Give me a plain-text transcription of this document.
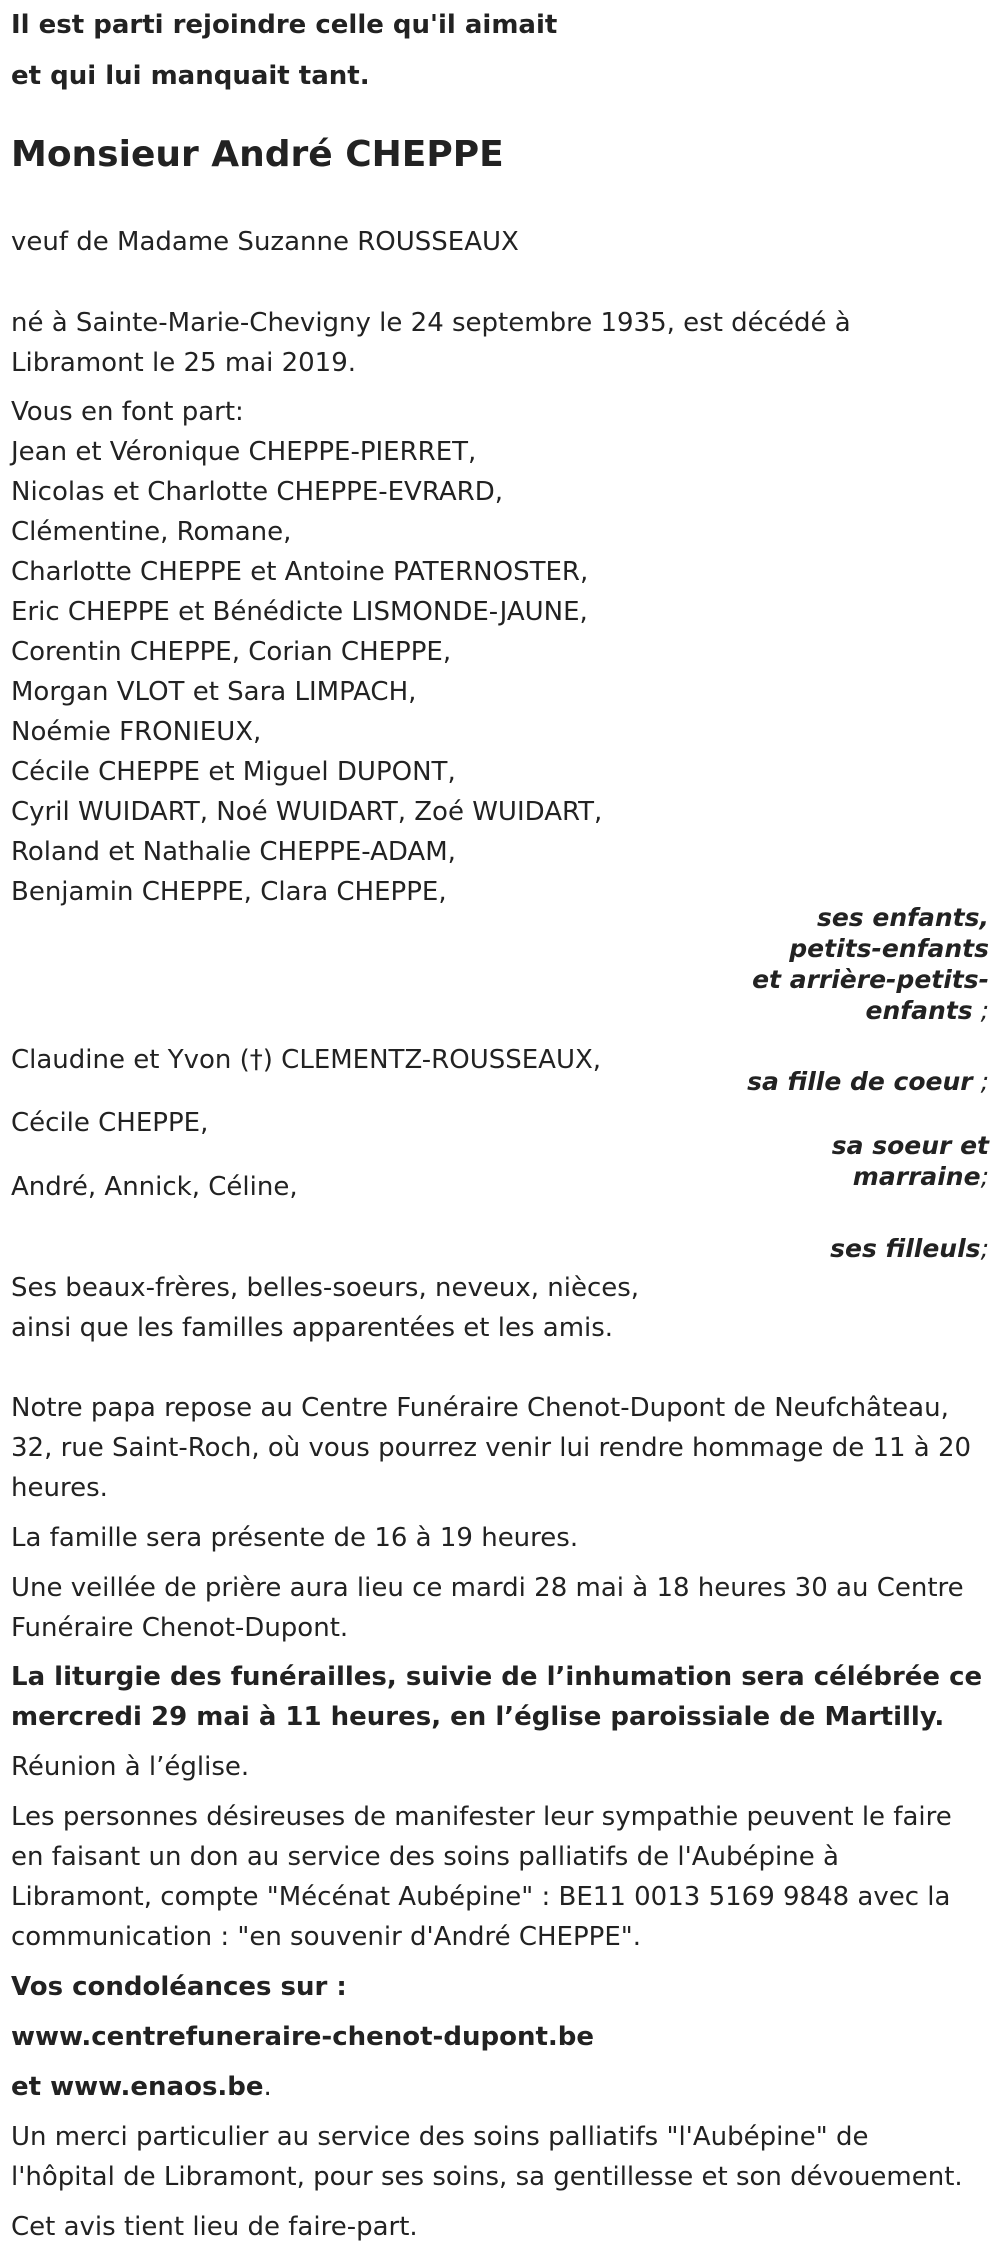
Il est parti rejoindre celle qu'il aimait

et qui lui manquait tant.

Monsieur André CHEPPE

veuf de Madame Suzanne ROUSSEAUX

né à Sainte-Marie-Chevigny le 24 septembre 1935, est décédé à

Libramont le 25 mai 2019.

Vous en font part:

Jean et Véronique CHEPPE-PIERRET,

Nicolas et Charlotte CHEPPE-EVRARD,

Clémentine, Romane,

Charlotte CHEPPE et Antoine PATERNOSTER,

Eric CHEPPE et Bénédicte LISMONDE-JAUNE,

Corentin CHEPPE, Corian CHEPPE,

Morgan VLOT et Sara LIMPACH,

Noémie FRONIEUX,

Cécile CHEPPE et Miguel DUPONT,

Cyril WUIDART, Noé WUIDART, Zoé WUIDART,

Roland et Nathalie CHEPPE-ADAM,

Benjamin CHEPPE, Clara CHEPPE,

ses enfants, petits-enfants
et arrière-petits-enfants ;

Claudine et Yvon (†) CLEMENTZ-ROUSSEAUX,

sa fille de coeur ;

Cécile CHEPPE,

sa soeur et marraine;

André, Annick, Céline,

ses filleuls;

Ses beaux-frères, belles-soeurs, neveux, nièces,

ainsi que les familles apparentées et les amis.

Notre papa repose au Centre Funéraire Chenot-Dupont de Neufchâteau,

32, rue Saint-Roch, où vous pourrez venir lui rendre hommage de 11 à 20

heures.

La famille sera présente de 16 à 19 heures.

Une veillée de prière aura lieu ce mardi 28 mai à 18 heures 30 au Centre

Funéraire Chenot-Dupont.

La liturgie des funérailles, suivie de l’inhumation sera célébrée ce

mercredi 29 mai à 11 heures, en l’église paroissiale de Martilly.

Réunion à l’église.

Les personnes désireuses de manifester leur sympathie peuvent le faire

en faisant un don au service des soins palliatifs de l'Aubépine à

Libramont, compte "Mécénat Aubépine" : BE11 0013 5169 9848 avec la

communication : "en souvenir d'André CHEPPE".

Vos condoléances sur :

www.centrefuneraire-chenot-dupont.be

et www.enaos.be.

Un merci particulier au service des soins palliatifs "l'Aubépine" de

l'hôpital de Libramont, pour ses soins, sa gentillesse et son dévouement.

Cet avis tient lieu de faire-part.
